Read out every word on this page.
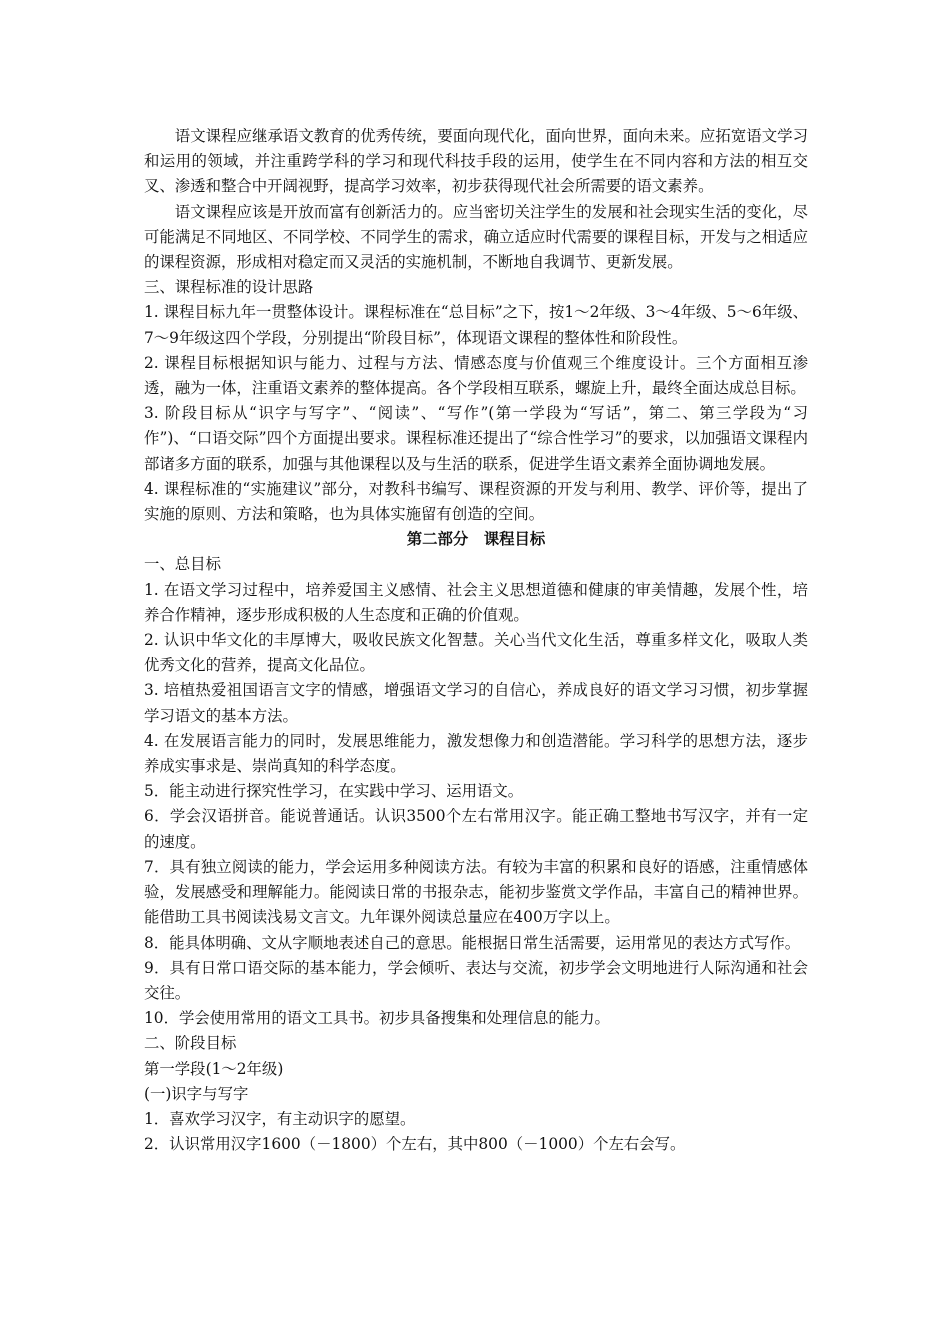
语文课程应继承语文教育的优秀传统，要面向现代化，面向世界，面向未来。应拓宽语文学习和运用的领域，并注重跨学科的学习和现代科技手段的运用，使学生在不同内容和方法的相互交叉、渗透和整合中开阔视野，提高学习效率，初步获得现代社会所需要的语文素养。

语文课程应该是开放而富有创新活力的。应当密切关注学生的发展和社会现实生活的变化，尽可能满足不同地区、不同学校、不同学生的需求，确立适应时代需要的课程目标，开发与之相适应的课程资源，形成相对稳定而又灵活的实施机制，不断地自我调节、更新发展。

三、课程标准的设计思路

1. 课程目标九年一贯整体设计。课程标准在“总目标”之下，按1～2年级、3～4年级、5～6年级、7～9年级这四个学段，分别提出“阶段目标”，体现语文课程的整体性和阶段性。

2. 课程目标根据知识与能力、过程与方法、情感态度与价值观三个维度设计。三个方面相互渗透，融为一体，注重语文素养的整体提高。各个学段相互联系，螺旋上升，最终全面达成总目标。

3. 阶段目标从“识字与写字”、“阅读”、“写作”(第一学段为“写话”，第二、第三学段为“习作”)、“口语交际”四个方面提出要求。课程标准还提出了“综合性学习”的要求，以加强语文课程内部诸多方面的联系，加强与其他课程以及与生活的联系，促进学生语文素养全面协调地发展。

4. 课程标准的“实施建议”部分，对教科书编写、课程资源的开发与利用、教学、评价等，提出了实施的原则、方法和策略，也为具体实施留有创造的空间。

第二部分　课程目标

一、总目标

1. 在语文学习过程中，培养爱国主义感情、社会主义思想道德和健康的审美情趣，发展个性，培养合作精神，逐步形成积极的人生态度和正确的价值观。

2. 认识中华文化的丰厚博大，吸收民族文化智慧。关心当代文化生活，尊重多样文化，吸取人类优秀文化的营养，提高文化品位。

3. 培植热爱祖国语言文字的情感，增强语文学习的自信心，养成良好的语文学习习惯，初步掌握学习语文的基本方法。

4. 在发展语言能力的同时，发展思维能力，激发想像力和创造潜能。学习科学的思想方法，逐步养成实事求是、崇尚真知的科学态度。

5．能主动进行探究性学习，在实践中学习、运用语文。

6．学会汉语拼音。能说普通话。认识3500个左右常用汉字。能正确工整地书写汉字，并有一定的速度。

7．具有独立阅读的能力，学会运用多种阅读方法。有较为丰富的积累和良好的语感，注重情感体验，发展感受和理解能力。能阅读日常的书报杂志，能初步鉴赏文学作品，丰富自己的精神世界。能借助工具书阅读浅易文言文。九年课外阅读总量应在400万字以上。

8．能具体明确、文从字顺地表述自己的意思。能根据日常生活需要，运用常见的表达方式写作。

9．具有日常口语交际的基本能力，学会倾听、表达与交流，初步学会文明地进行人际沟通和社会交往。

10．学会使用常用的语文工具书。初步具备搜集和处理信息的能力。

二、阶段目标

第一学段(1～2年级)

(一)识字与写字

1．喜欢学习汉字，有主动识字的愿望。

2．认识常用汉字1600（－1800）个左右，其中800（－1000）个左右会写。
